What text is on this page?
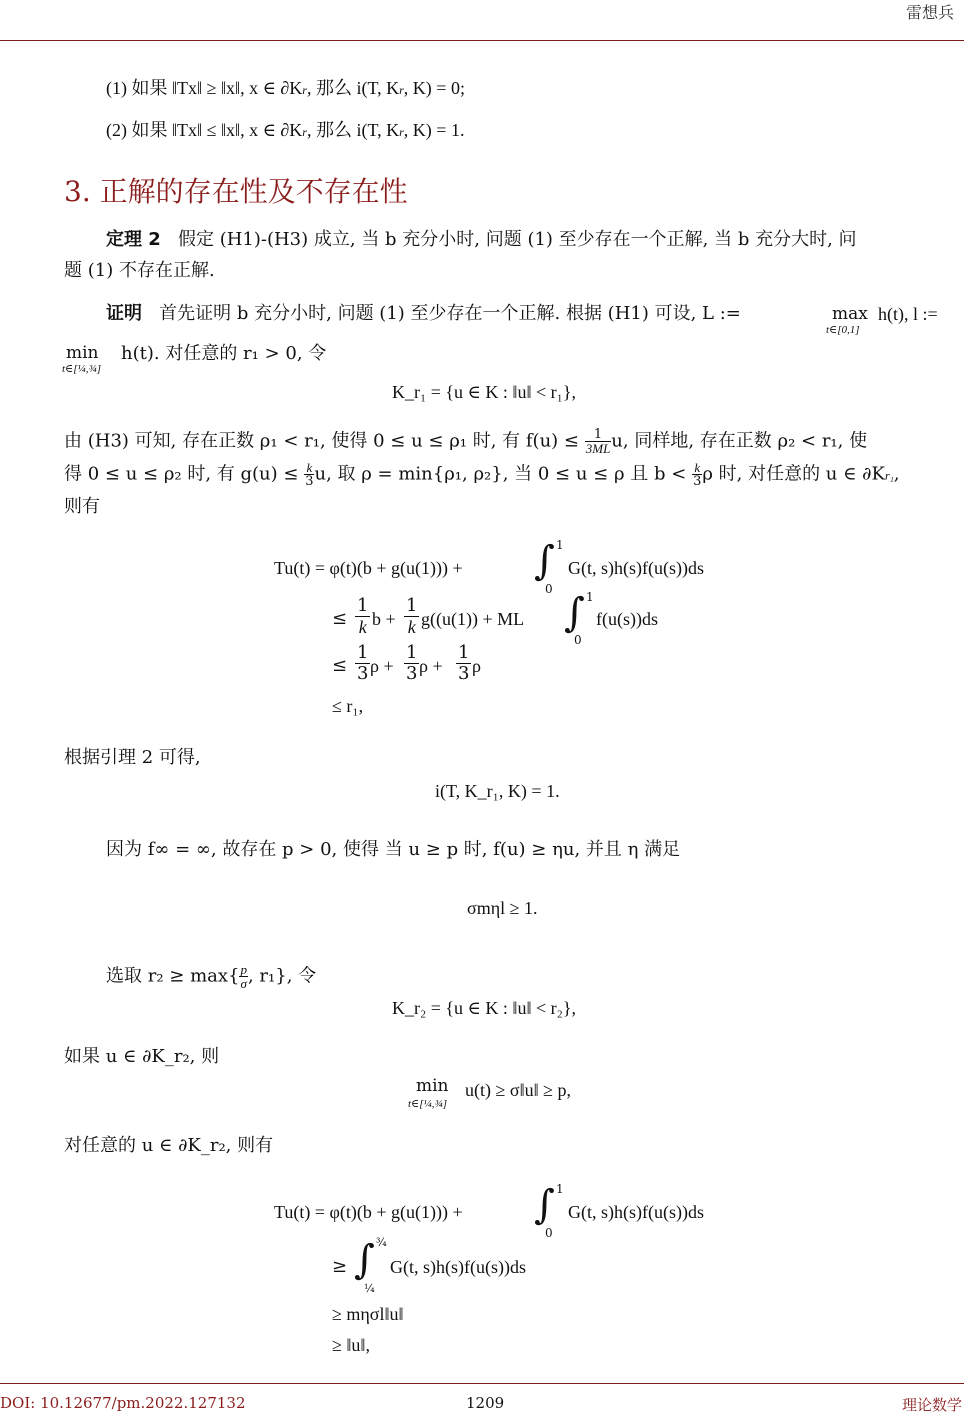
雷想兵
(1) 如果 ‖Tx‖ ≥ ‖x‖, x ∈ ∂Kr, 那么 i(T, Kr, K) = 0;
(2) 如果 ‖Tx‖ ≤ ‖x‖, x ∈ ∂Kr, 那么 i(T, Kr, K) = 1.
3. 正解的存在性及不存在性
定理 2 假定 (H1)-(H3) 成立, 当 b 充分小时, 问题 (1) 至少存在一个正解, 当 b 充分大时, 问
题 (1) 不存在正解.
证明 首先证明 b 充分小时, 问题 (1) 至少存在一个正解. 根据 (H1) 可设, L :=	max
t∈[0,1]
h(t), l :=
min
t∈[¼,¾]
h(t). 对任意的 r₁ > 0, 令
K_r₁ = {u ∈ K : ‖u‖ < r₁},
由 (H3) 可知, 存在正数 ρ₁ < r₁, 使得 0 ≤ u ≤ ρ₁ 时, 有 $f(u) \le \frac{1}{3ML} u$, 同样地, 存在正数 ρ₂ < r₁, 使
得 0 ≤ u ≤ ρ₂ 时, 有 $g(u) \le \frac{k}{3} u$, 取 ρ = min{ρ₁, ρ₂}, 当 0 ≤ u ≤ ρ 且 $b < \frac{k}{3}$ ρ 时, 对任意的 u ∈ ∂Kr₁,
则有
Tu(t) = φ(t)(b + g(u(1))) + ∫ 1
0
G(t, s)h(s)f(u(s))ds
≤ $\frac{1}{k}$ $b + \frac{1}{k} g((u(1))$ + ML ∫ 1
0
f(u(s))ds
≤ $\frac{1}{3}$ $\rho + \frac{1}{3}$ $\rho + \frac{1}{3}$ ρ
≤ r₁,
根据引理 2 可得,
i(T, K_r₁, K) = 1.
因为 f∞ = ∞, 故存在 p > 0, 使得 当 u ≥ p 时, f(u) ≥ ηu, 并且 η 满足
σmηl ≥ 1.
选取 $r_2 \ge \max\{ \frac{p}{\sigma}$ , r₁}, 令
K_r₂ = {u ∈ K : ‖u‖ < r₂},
如果 u ∈ ∂K_r₂, 则
min
t∈[¼,¾]
u(t) ≥ σ‖u‖ ≥ p,
对任意的 u ∈ ∂K_r₂, 则有
Tu(t) = φ(t)(b + g(u(1))) + ∫ 1
0
G(t, s)h(s)f(u(s))ds
≥ ∫ ¾
¼
G(t, s)h(s)f(u(s))ds
≥ mησl‖u‖
≥ ‖u‖,
DOI: 10.12677/pm.2022.127132	1209	理论数学
